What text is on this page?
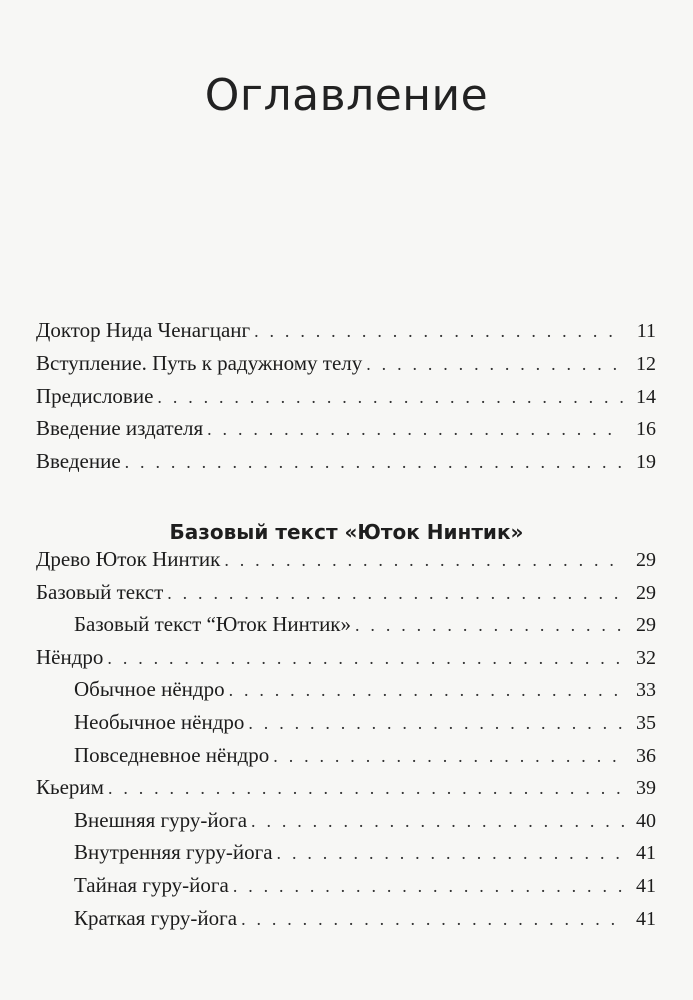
Оглавление
Доктор Нида Ченагцанг . . .	11
Вступление. Путь к радужному телу . . .	12
Предисловие . . .	14
Введение издателя . . .	16
Введение . . .	19
Базовый текст «Юток Нинтик»
Древо Юток Нинтик . . .	29
Базовый текст . . .	29
Базовый текст “Юток Нинтик» . . .	29
Нёндро . . .	32
Обычное нёндро . . .	33
Необычное нёндро . . .	35
Повседневное нёндро . . .	36
Кьерим . . .	39
Внешняя гуру-йога . . .	40
Внутренняя гуру-йога . . .	41
Тайная гуру-йога . . .	41
Краткая гуру-йога . . .	41
